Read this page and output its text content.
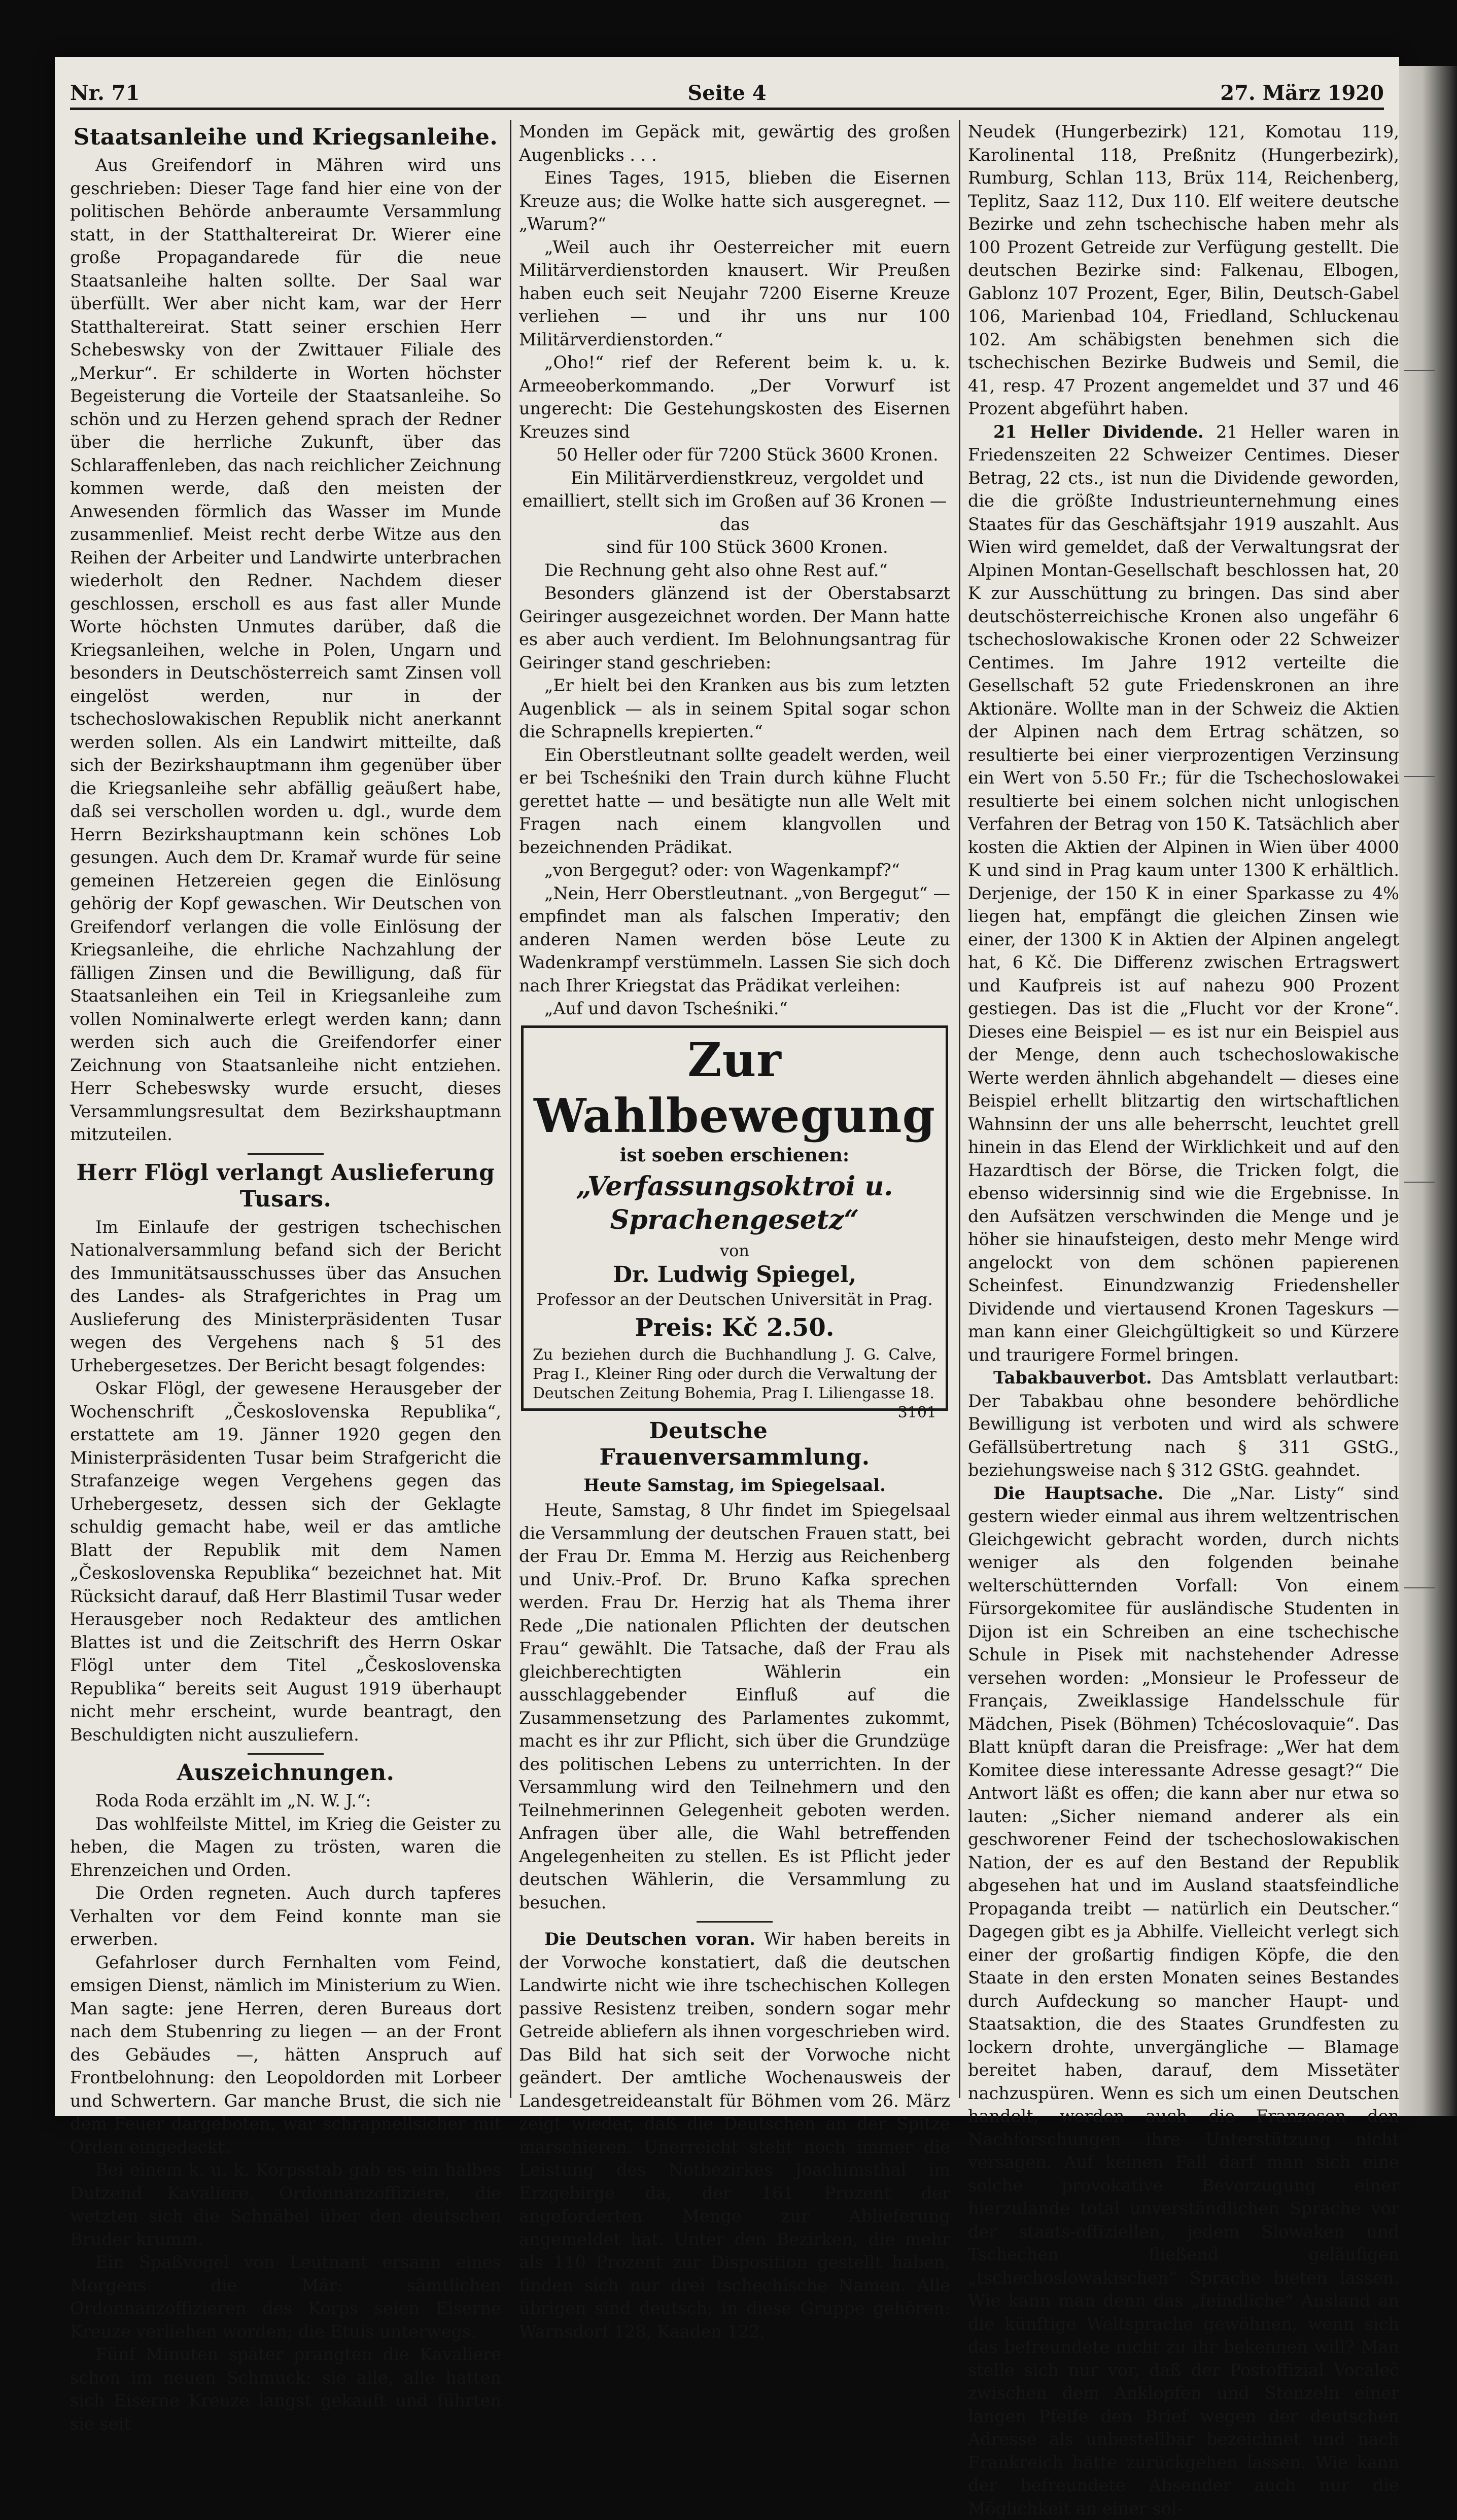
Nr. 71	Seite 4	27. März 1920
Staatsanleihe und Kriegsanleihe.

Aus Greifendorf in Mähren wird uns geschrieben: Dieser Tage fand hier eine von der politischen Behörde anberaumte Versammlung statt, in der Statthaltereirat Dr. Wierer eine große Propagandarede für die neue Staatsanleihe halten sollte. Der Saal war überfüllt. Wer aber nicht kam, war der Herr Statthaltereirat. Statt seiner erschien Herr Schebeswsky von der Zwittauer Filiale des „Merkur“. Er schilderte in Worten höchster Begeisterung die Vorteile der Staatsanleihe. So schön und zu Herzen gehend sprach der Redner über die herrliche Zukunft, über das Schlaraffenleben, das nach reichlicher Zeichnung kommen werde, daß den meisten der Anwesenden förmlich das Wasser im Munde zusammenlief. Meist recht derbe Witze aus den Reihen der Arbeiter und Landwirte unterbrachen wiederholt den Redner. Nachdem dieser geschlossen, erscholl es aus fast aller Munde Worte höchsten Unmutes darüber, daß die Kriegsanleihen, welche in Polen, Ungarn und besonders in Deutschösterreich samt Zinsen voll eingelöst werden, nur in der tschechoslowakischen Republik nicht anerkannt werden sollen. Als ein Landwirt mitteilte, daß sich der Bezirkshauptmann ihm gegenüber über die Kriegsanleihe sehr abfällig geäußert habe, daß sei verschollen worden u. dgl., wurde dem Herrn Bezirkshauptmann kein schönes Lob gesungen. Auch dem Dr. Kramař wurde für seine gemeinen Hetzereien gegen die Einlösung gehörig der Kopf gewaschen. Wir Deutschen von Greifendorf verlangen die volle Einlösung der Kriegsanleihe, die ehrliche Nachzahlung der fälligen Zinsen und die Bewilligung, daß für Staatsanleihen ein Teil in Kriegsanleihe zum vollen Nominalwerte erlegt werden kann; dann werden sich auch die Greifendorfer einer Zeichnung von Staatsanleihe nicht entziehen. Herr Schebeswsky wurde ersucht, dieses Versammlungsresultat dem Bezirkshauptmann mitzuteilen.

Herr Flögl verlangt Auslieferung Tusars.

Im Einlaufe der gestrigen tschechischen Nationalversammlung befand sich der Bericht des Immunitätsausschusses über das Ansuchen des Landes- als Strafgerichtes in Prag um Auslieferung des Ministerpräsidenten Tusar wegen des Vergehens nach § 51 des Urhebergesetzes. Der Bericht besagt folgendes:

Oskar Flögl, der gewesene Herausgeber der Wochenschrift „Československa Republika“, erstattete am 19. Jänner 1920 gegen den Ministerpräsidenten Tusar beim Strafgericht die Strafanzeige wegen Vergehens gegen das Urhebergesetz, dessen sich der Geklagte schuldig gemacht habe, weil er das amtliche Blatt der Republik mit dem Namen „Československa Republika“ bezeichnet hat. Mit Rücksicht darauf, daß Herr Blastimil Tusar weder Herausgeber noch Redakteur des amtlichen Blattes ist und die Zeitschrift des Herrn Oskar Flögl unter dem Titel „Československa Republika“ bereits seit August 1919 überhaupt nicht mehr erscheint, wurde beantragt, den Beschuldigten nicht auszuliefern.

Auszeichnungen.

Roda Roda erzählt im „N. W. J.“:

Das wohlfeilste Mittel, im Krieg die Geister zu heben, die Magen zu trösten, waren die Ehrenzeichen und Orden.

Die Orden regneten. Auch durch tapferes Verhalten vor dem Feind konnte man sie erwerben.

Gefahrloser durch Fernhalten vom Feind, emsigen Dienst, nämlich im Ministerium zu Wien. Man sagte: jene Herren, deren Bureaus dort nach dem Stubenring zu liegen — an der Front des Gebäudes —, hätten Anspruch auf Frontbelohnung: den Leopoldorden mit Lorbeer und Schwertern. Gar manche Brust, die sich nie dem Feuer dargeboten, war schrapnellsicher mit Orden eingedeckt.

Bei einem k. u. k. Korpsstab gab es ein halbes Dutzend Kavaliere, Ordonnanzoffiziere, die wetzten sich die Schnäbel über den deutschen Bruder krumm.

Ein Spaßvogel von Leutnant ersann eines Morgens die Mär: sämtlichen Ordonnanzoffizieren des Korps seien Eiserne Kreuze verliehen worden; die Etuis unterwegs.

Fünf Minuten später prangten die Kavaliere schon im neuen Schmuck: sie alle, alle hatten sich Eiserne Kreuze langst gekauft und führten sie seit

Monden im Gepäck mit, gewärtig des großen Augenblicks . . .

Eines Tages, 1915, blieben die Eisernen Kreuze aus; die Wolke hatte sich ausgeregnet. — „Warum?“

„Weil auch ihr Oesterreicher mit euern Militärverdienstorden knausert. Wir Preußen haben euch seit Neujahr 7200 Eiserne Kreuze verliehen — und ihr uns nur 100 Militärverdienstorden.“

„Oho!“ rief der Referent beim k. u. k. Armeeoberkommando. „Der Vorwurf ist ungerecht: Die Gestehungskosten des Eisernen Kreuzes sind

50 Heller oder für 7200 Stück 3600 Kronen.

Ein Militärverdienstkreuz, vergoldet und emailliert, stellt sich im Großen auf 36 Kronen — das

sind für 100 Stück 3600 Kronen.

Die Rechnung geht also ohne Rest auf.“

Besonders glänzend ist der Oberstabsarzt Geiringer ausgezeichnet worden. Der Mann hatte es aber auch verdient. Im Belohnungsantrag für Geiringer stand geschrieben:

„Er hielt bei den Kranken aus bis zum letzten Augenblick — als in seinem Spital sogar schon die Schrapnells krepierten.“

Ein Oberstleutnant sollte geadelt werden, weil er bei Tscheśniki den Train durch kühne Flucht gerettet hatte — und besätigte nun alle Welt mit Fragen nach einem klangvollen und bezeichnenden Prädikat.

„von Bergegut? oder: von Wagenkampf?“

„Nein, Herr Oberstleutnant. „von Bergegut“ — empfindet man als falschen Imperativ; den anderen Namen werden böse Leute zu Wadenkrampf verstümmeln. Lassen Sie sich doch nach Ihrer Kriegstat das Prädikat verleihen:

„Auf und davon Tscheśniki.“

Zur Wahlbewegung
ist soeben erschienen:
„Verfassungsoktroi u. Sprachengesetz“
von
Dr. Ludwig Spiegel,
Professor an der Deutschen Universität in Prag.
Preis: Kč 2.50.
Zu beziehen durch die Buchhandlung J. G. Calve, Prag I., Kleiner Ring oder durch die Verwaltung der Deutschen Zeitung Bohemia, Prag I. Liliengasse 18.
3101
Deutsche Frauenversammlung.
Heute Samstag, im Spiegelsaal.

Heute, Samstag, 8 Uhr findet im Spiegelsaal die Versammlung der deutschen Frauen statt, bei der Frau Dr. Emma M. Herzig aus Reichenberg und Univ.-Prof. Dr. Bruno Kafka sprechen werden. Frau Dr. Herzig hat als Thema ihrer Rede „Die nationalen Pflichten der deutschen Frau“ gewählt. Die Tatsache, daß der Frau als gleichberechtigten Wählerin ein ausschlaggebender Einfluß auf die Zusammensetzung des Parlamentes zukommt, macht es ihr zur Pflicht, sich über die Grundzüge des politischen Lebens zu unterrichten. In der Versammlung wird den Teilnehmern und den Teilnehmerinnen Gelegenheit geboten werden. Anfragen über alle, die Wahl betreffenden Angelegenheiten zu stellen. Es ist Pflicht jeder deutschen Wählerin, die Versammlung zu besuchen.

Die Deutschen voran. Wir haben bereits in der Vorwoche konstatiert, daß die deutschen Landwirte nicht wie ihre tschechischen Kollegen passive Resistenz treiben, sondern sogar mehr Getreide abliefern als ihnen vorgeschrieben wird. Das Bild hat sich seit der Vorwoche nicht geändert. Der amtliche Wochenausweis der Landesgetreideanstalt für Böhmen vom 26. März zeigt wieder, daß die Deutschen an der Spitze marschieren. Unerreicht steht noch immer die Leistung des Notbezirkes Joachimsthal im Erzgebirge da, der 161 Prozent der angeforderten Menge zur Ablieferung angemeldet hat. Unter den Bezirken, die mehr als 110 Prozent zur Disposition gestellt haben, finden sich nur drei tschechische Namen. Alle übrigen sind deutsch; in diese Gruppe gehören: Warnsdorf 128, Kaaden 122,

Neudek (Hungerbezirk) 121, Komotau 119, Karolinental 118, Preßnitz (Hungerbezirk), Rumburg, Schlan 113, Brüx 114, Reichenberg, Teplitz, Saaz 112, Dux 110. Elf weitere deutsche Bezirke und zehn tschechische haben mehr als 100 Prozent Getreide zur Verfügung gestellt. Die deutschen Bezirke sind: Falkenau, Elbogen, Gablonz 107 Prozent, Eger, Bilin, Deutsch-Gabel 106, Marienbad 104, Friedland, Schluckenau 102. Am schäbigsten benehmen sich die tschechischen Bezirke Budweis und Semil, die 41, resp. 47 Prozent angemeldet und 37 und 46 Prozent abgeführt haben.

21 Heller Dividende. 21 Heller waren in Friedenszeiten 22 Schweizer Centimes. Dieser Betrag, 22 cts., ist nun die Dividende geworden, die die größte Industrieunternehmung eines Staates für das Geschäftsjahr 1919 auszahlt. Aus Wien wird gemeldet, daß der Verwaltungsrat der Alpinen Montan-Gesellschaft beschlossen hat, 20 K zur Ausschüttung zu bringen. Das sind aber deutschösterreichische Kronen also ungefähr 6 tschechoslowakische Kronen oder 22 Schweizer Centimes. Im Jahre 1912 verteilte die Gesellschaft 52 gute Friedenskronen an ihre Aktionäre. Wollte man in der Schweiz die Aktien der Alpinen nach dem Ertrag schätzen, so resultierte bei einer vierprozentigen Verzinsung ein Wert von 5.50 Fr.; für die Tschechoslowakei resultierte bei einem solchen nicht unlogischen Verfahren der Betrag von 150 K. Tatsächlich aber kosten die Aktien der Alpinen in Wien über 4000 K und sind in Prag kaum unter 1300 K erhältlich. Derjenige, der 150 K in einer Sparkasse zu 4% liegen hat, empfängt die gleichen Zinsen wie einer, der 1300 K in Aktien der Alpinen angelegt hat, 6 Kč. Die Differenz zwischen Ertragswert und Kaufpreis ist auf nahezu 900 Prozent gestiegen. Das ist die „Flucht vor der Krone“. Dieses eine Beispiel — es ist nur ein Beispiel aus der Menge, denn auch tschechoslowakische Werte werden ähnlich abgehandelt — dieses eine Beispiel erhellt blitzartig den wirtschaftlichen Wahnsinn der uns alle beherrscht, leuchtet grell hinein in das Elend der Wirklichkeit und auf den Hazardtisch der Börse, die Tricken folgt, die ebenso widersinnig sind wie die Ergebnisse. In den Aufsätzen verschwinden die Menge und je höher sie hinaufsteigen, desto mehr Menge wird angelockt von dem schönen papierenen Scheinfest. Einundzwanzig Friedensheller Dividende und viertausend Kronen Tageskurs — man kann einer Gleichgültigkeit so und Kürzere und traurigere Formel bringen.

Tabakbauverbot. Das Amtsblatt verlautbart: Der Tabakbau ohne besondere behördliche Bewilligung ist verboten und wird als schwere Gefällsübertretung nach § 311 GStG., beziehungsweise nach § 312 GStG. geahndet.

Die Hauptsache. Die „Nar. Listy“ sind gestern wieder einmal aus ihrem weltzentrischen Gleichgewicht gebracht worden, durch nichts weniger als den folgenden beinahe welterschütternden Vorfall: Von einem Fürsorgekomitee für ausländische Studenten in Dijon ist ein Schreiben an eine tschechische Schule in Pisek mit nachstehender Adresse versehen worden: „Monsieur le Professeur de Français, Zweiklassige Handelsschule für Mädchen, Pisek (Böhmen) Tchécoslovaquie“. Das Blatt knüpft daran die Preisfrage: „Wer hat dem Komitee diese interessante Adresse gesagt?“ Die Antwort läßt es offen; die kann aber nur etwa so lauten: „Sicher niemand anderer als ein geschworener Feind der tschechoslowakischen Nation, der es auf den Bestand der Republik abgesehen hat und im Ausland staatsfeindliche Propaganda treibt — natürlich ein Deutscher.“ Dagegen gibt es ja Abhilfe. Vielleicht verlegt sich einer der großartig findigen Köpfe, die den Staate in den ersten Monaten seines Bestandes durch Aufdeckung so mancher Haupt- und Staatsaktion, die des Staates Grundfesten zu lockern drohte, unvergängliche — Blamage bereitet haben, darauf, dem Missetäter nachzuspüren. Wenn es sich um einen Deutschen handelt, werden auch die Franzosen den Nachforschungen ihre Unterstützung nicht versagen. Auf keinen Fall darf man sich eine solche provokative Bevorzugung einer hierzulande total unverständlichen Sprache vor der staats-offiziellen, jedem Slowaken und Tschechen fließend geläufigen „tschechoslowakischen“ Sprache bieten lassen. Wie kann man denn das „feindliche“ Ausland an die künftige Weltsprache gewöhnen, wenn sich das befreundete nicht zu ihr bekennen will? Man stelle sich nur vor, daß der Postoffizial Vocaleč zwischen dem Anklopfen und Stenzeln einer langen Pfeife den Brief wegen der deutschen Adresse als unbestellbar bezeichnet und nach Frankreich hätte zurückgehen lassen. Wie kann der befreundete Absender auch nur die Möglichkeit an einer sol-
